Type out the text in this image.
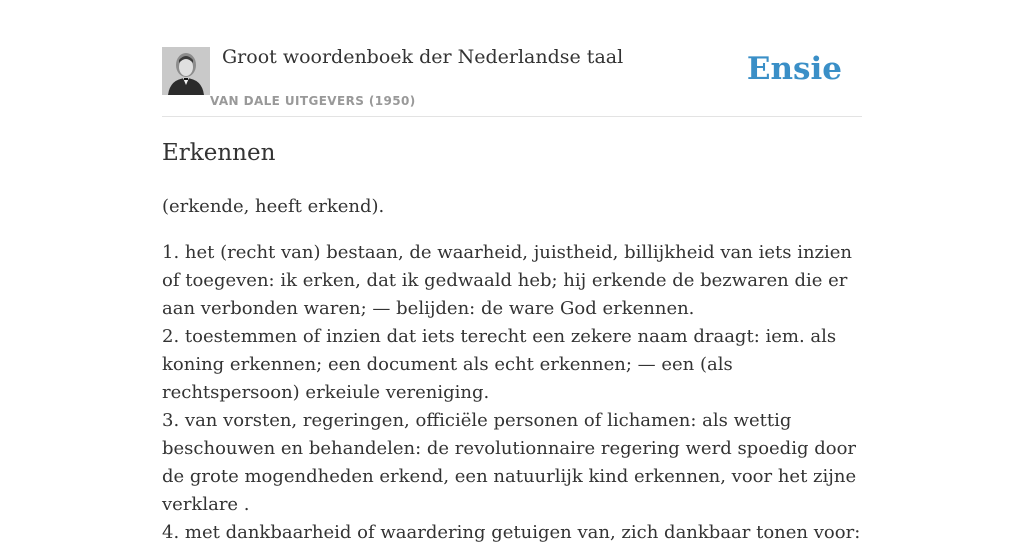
Groot woordenboek der Nederlandse taal
VAN DALE UITGEVERS (1950)
Ensie
Erkennen
(erkende, heeft erkend).

1. het (recht van) bestaan, de waarheid, juistheid, billijkheid van iets inzien of toegeven: ik erken, dat ik gedwaald heb; hij erkende de bezwaren die er aan verbonden waren; — belijden: de ware God erkennen.

2. toestemmen of inzien dat iets terecht een zekere naam draagt: iem. als koning erkennen; een document als echt erkennen; — een (als rechtspersoon) erkeiule vereniging.

3. van vorsten, regeringen, officiële personen of lichamen: als wettig beschouwen en behandelen: de revolutionnaire regering werd spoedig door de grote mogendheden erkend, een natuurlijk kind erkennen, voor het zijne verklare .

4. met dankbaarheid of waardering getuigen van, zich dankbaar tonen voor:
